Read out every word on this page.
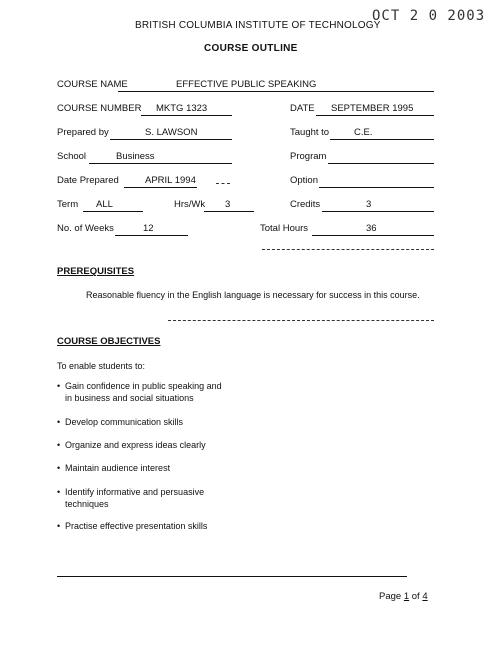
OCT 2 0 2003
BRITISH COLUMBIA INSTITUTE OF TECHNOLOGY
COURSE OUTLINE
COURSE NAME	EFFECTIVE PUBLIC SPEAKING
COURSE NUMBER MKTG 1323	DATE SEPTEMBER 1995
Prepared by	S. LAWSON	Taught to	C.E.
School	Business	Program
Date Prepared	APRIL 1994	Option
Term ALL	Hrs/Wk 3	Credits	3
No. of Weeks	12	Total Hours	36
PREREQUISITES
Reasonable fluency in the English language is necessary for success in this course.
COURSE OBJECTIVES
To enable students to:
• Gain confidence in public speaking and
in business and social situations
• Develop communication skills
• Organize and express ideas clearly
• Maintain audience interest
• Identify informative and persuasive
techniques
• Practise effective presentation skills
Page 1 of 4
